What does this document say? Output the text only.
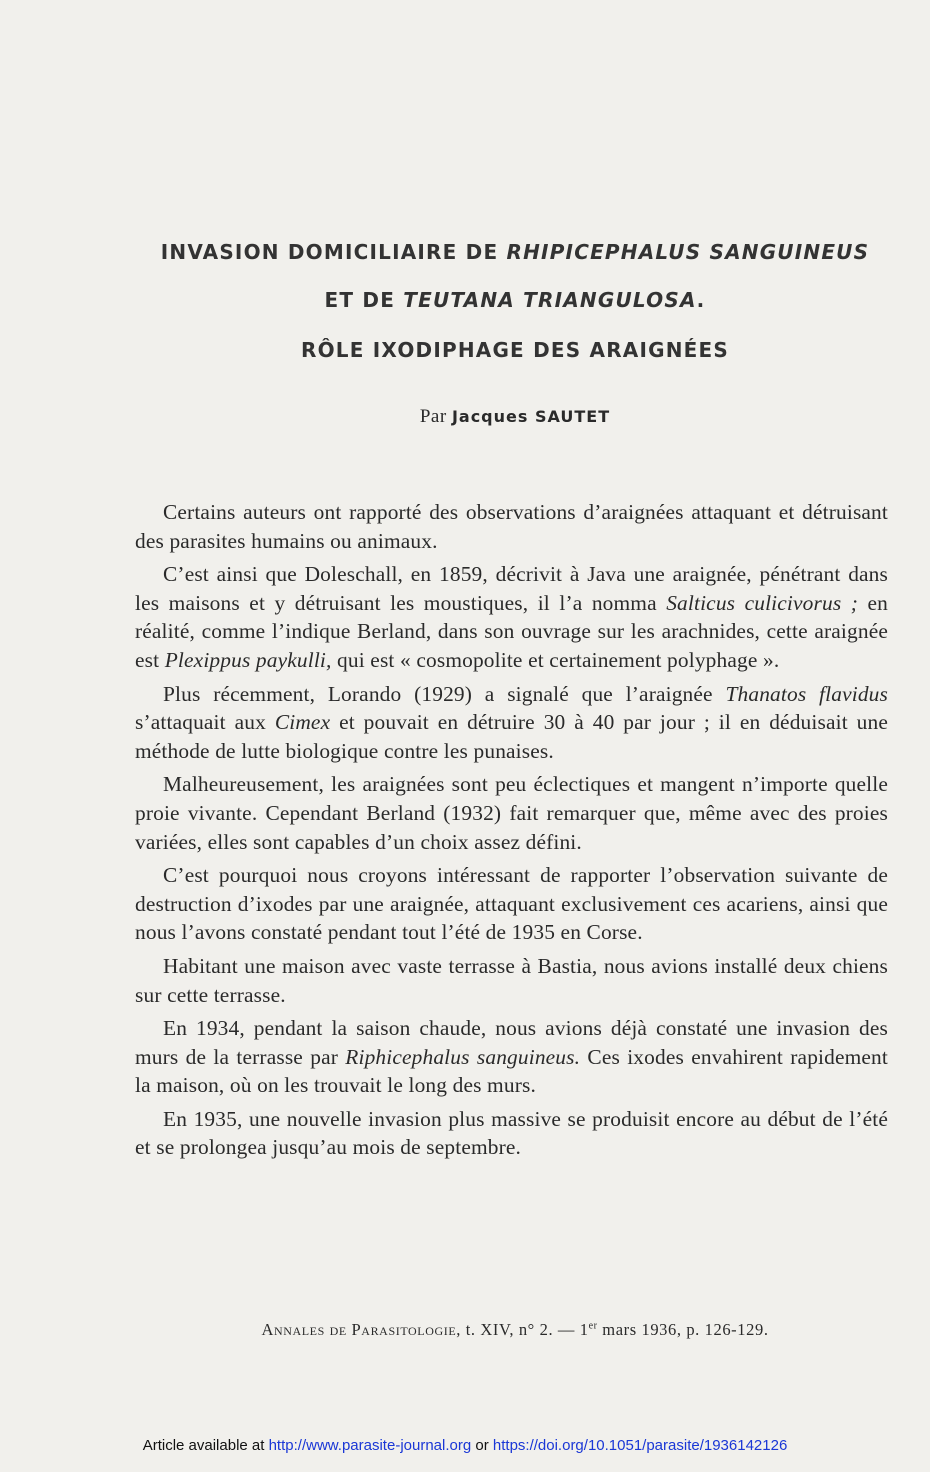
INVASION DOMICILIAIRE DE RHIPICEPHALUS SANGUINEUS
ET DE TEUTANA TRIANGULOSA.
RÔLE IXODIPHAGE DES ARAIGNÉES
Par Jacques SAUTET

Certains auteurs ont rapporté des observations d’araignées attaquant et détruisant des parasites humains ou animaux.

C’est ainsi que Doleschall, en 1859, décrivit à Java une araignée, pénétrant dans les maisons et y détruisant les moustiques, il l’a nomma Salticus culicivorus ; en réalité, comme l’indique Berland, dans son ouvrage sur les arachnides, cette araignée est Plexippus paykulli, qui est « cosmopolite et certainement polyphage ».

Plus récemment, Lorando (1929) a signalé que l’araignée Thanatos flavidus s’attaquait aux Cimex et pouvait en détruire 30 à 40 par jour ; il en déduisait une méthode de lutte biologique contre les punaises.

Malheureusement, les araignées sont peu éclectiques et mangent n’importe quelle proie vivante. Cependant Berland (1932) fait remarquer que, même avec des proies variées, elles sont capables d’un choix assez défini.

C’est pourquoi nous croyons intéressant de rapporter l’observation suivante de destruction d’ixodes par une araignée, attaquant exclusivement ces acariens, ainsi que nous l’avons constaté pendant tout l’été de 1935 en Corse.

Habitant une maison avec vaste terrasse à Bastia, nous avions installé deux chiens sur cette terrasse.

En 1934, pendant la saison chaude, nous avions déjà constaté une invasion des murs de la terrasse par Riphicephalus sanguineus. Ces ixodes envahirent rapidement la maison, où on les trouvait le long des murs.

En 1935, une nouvelle invasion plus massive se produisit encore au début de l’été et se prolongea jusqu’au mois de septembre.

Annales de Parasitologie, t. XIV, n° 2. — 1er mars 1936, p. 126-129.
Article available at http://www.parasite-journal.org or https://doi.org/10.1051/parasite/1936142126
